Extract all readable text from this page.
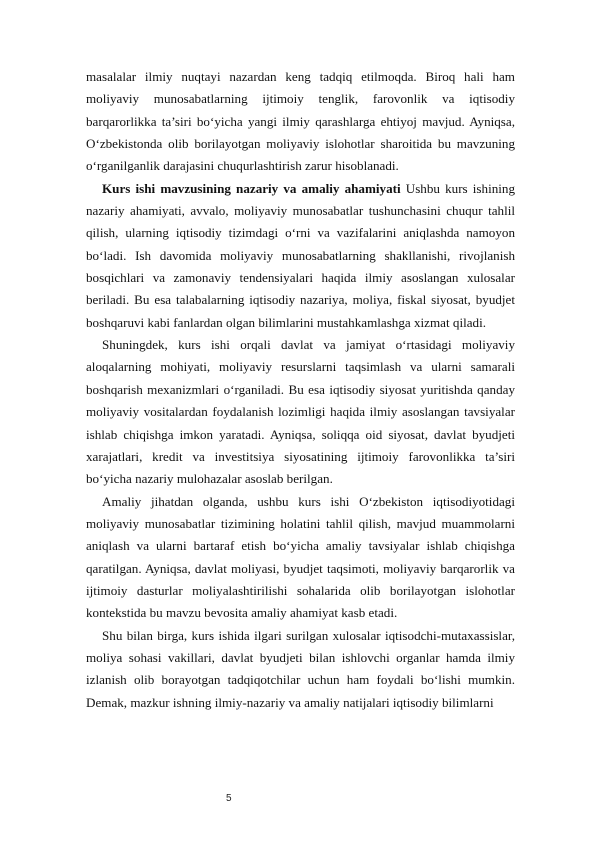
masalalar ilmiy nuqtayi nazardan keng tadqiq etilmoqda. Biroq hali ham moliyaviy munosabatlarning ijtimoiy tenglik, farovonlik va iqtisodiy barqarorlikka ta’siri bo‘yicha yangi ilmiy qarashlarga ehtiyoj mavjud. Ayniqsa, O‘zbekistonda olib borilayotgan moliyaviy islohotlar sharoitida bu mavzuning o‘rganilganlik darajasini chuqurlashtirish zarur hisoblanadi.

Kurs ishi mavzusining nazariy va amaliy ahamiyati Ushbu kurs ishining nazariy ahamiyati, avvalo, moliyaviy munosabatlar tushunchasini chuqur tahlil qilish, ularning iqtisodiy tizimdagi o‘rni va vazifalarini aniqlashda namoyon bo‘ladi. Ish davomida moliyaviy munosabatlarning shakllanishi, rivojlanish bosqichlari va zamonaviy tendensiyalari haqida ilmiy asoslangan xulosalar beriladi. Bu esa talabalarning iqtisodiy nazariya, moliya, fiskal siyosat, byudjet boshqaruvi kabi fanlardan olgan bilimlarini mustahkamlashga xizmat qiladi.

Shuningdek, kurs ishi orqali davlat va jamiyat o‘rtasidagi moliyaviy aloqalarning mohiyati, moliyaviy resurslarni taqsimlash va ularni samarali boshqarish mexanizmlari o‘rganiladi. Bu esa iqtisodiy siyosat yuritishda qanday moliyaviy vositalardan foydalanish lozimligi haqida ilmiy asoslangan tavsiyalar ishlab chiqishga imkon yaratadi. Ayniqsa, soliqqa oid siyosat, davlat byudjeti xarajatlari, kredit va investitsiya siyosatining ijtimoiy farovonlikka ta’siri bo‘yicha nazariy mulohazalar asoslab berilgan.

Amaliy jihatdan olganda, ushbu kurs ishi O‘zbekiston iqtisodiyotidagi moliyaviy munosabatlar tizimining holatini tahlil qilish, mavjud muammolarni aniqlash va ularni bartaraf etish bo‘yicha amaliy tavsiyalar ishlab chiqishga qaratilgan. Ayniqsa, davlat moliyasi, byudjet taqsimoti, moliyaviy barqarorlik va ijtimoiy dasturlar moliyalashtirilishi sohalarida olib borilayotgan islohotlar kontekstida bu mavzu bevosita amaliy ahamiyat kasb etadi.

Shu bilan birga, kurs ishida ilgari surilgan xulosalar iqtisodchi-mutaxassislar, moliya sohasi vakillari, davlat byudjeti bilan ishlovchi organlar hamda ilmiy izlanish olib borayotgan tadqiqotchilar uchun ham foydali bo‘lishi mumkin. Demak, mazkur ishning ilmiy-nazariy va amaliy natijalari iqtisodiy bilimlarni

5
